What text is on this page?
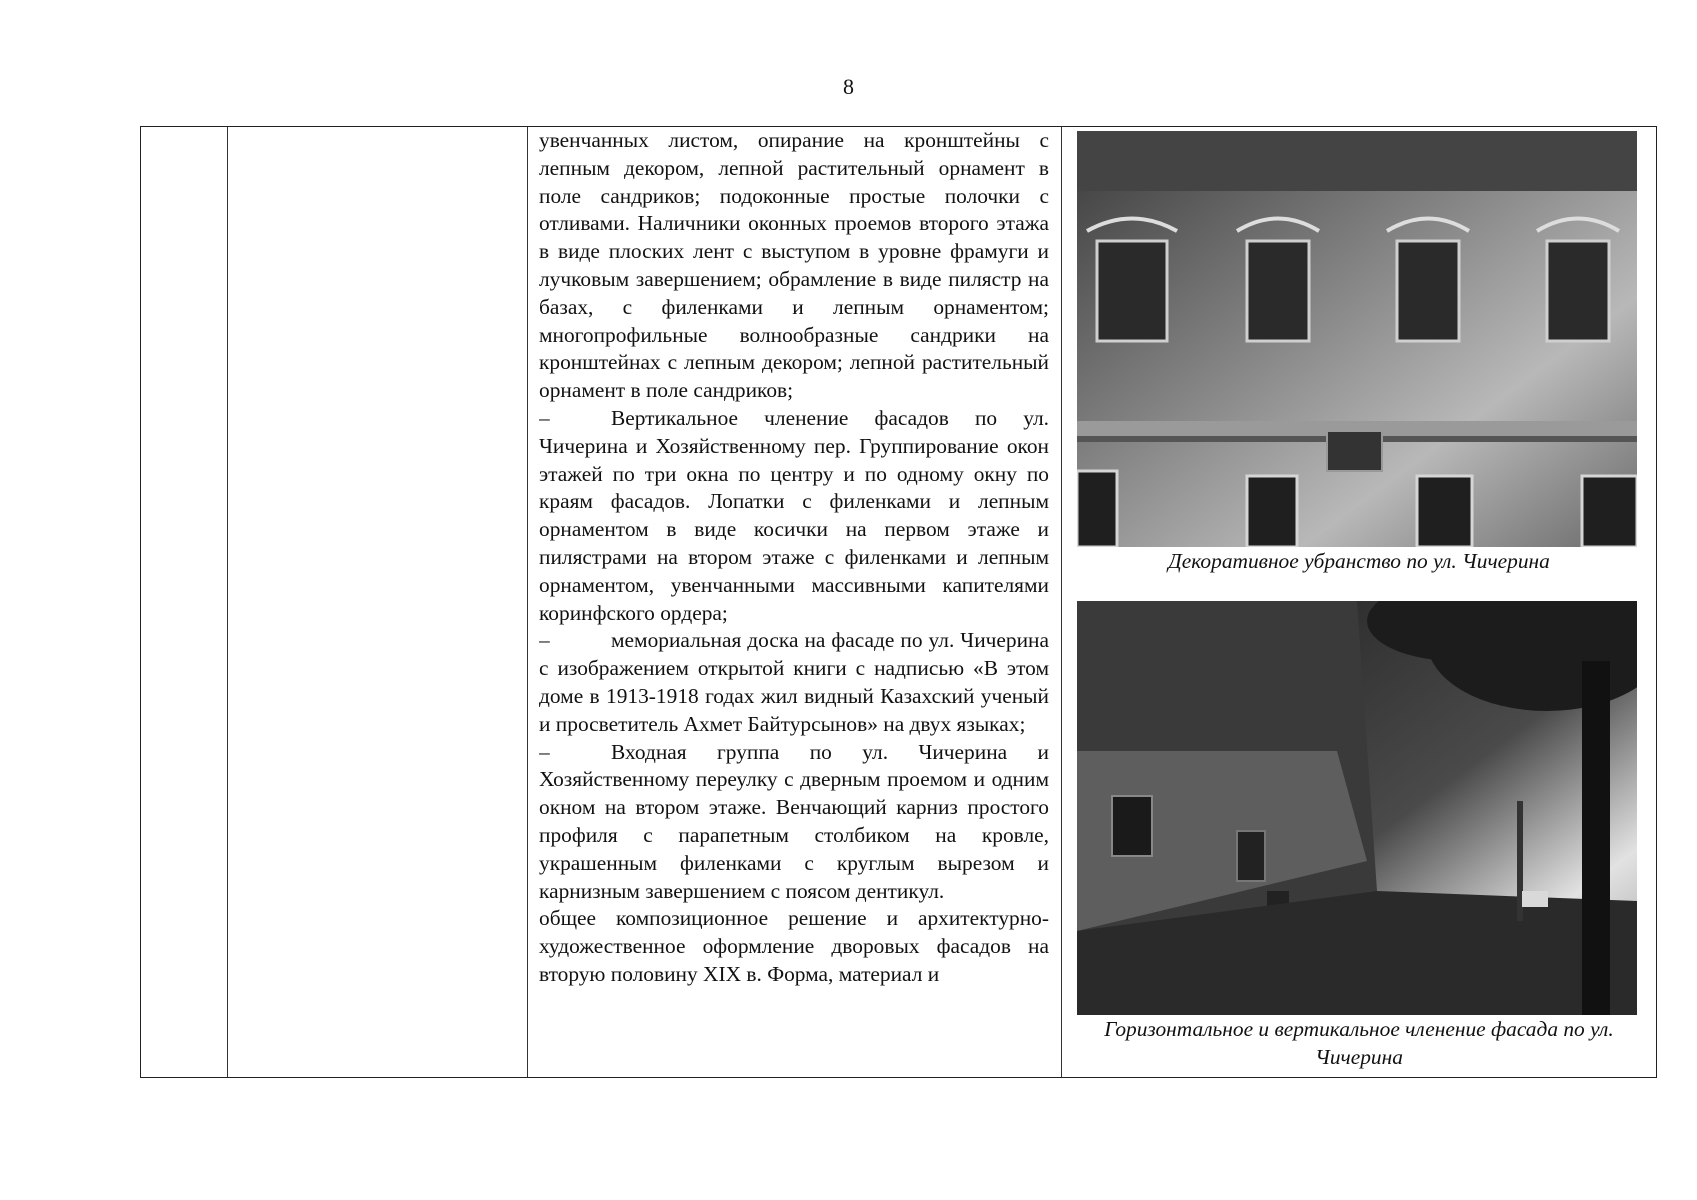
8

увенчанных листом, опирание на кронштейны с лепным декором, лепной растительный орнамент в поле сандриков; подоконные простые полочки с отливами. Наличники оконных проемов второго этажа в виде плоских лент с выступом в уровне фрамуги и лучковым завершением; обрамление в виде пилястр на базах, с филенками и лепным орнаментом; многопрофильные волнообразные сандрики на кронштейнах с лепным декором; лепной растительный орнамент в поле сандриков;

–	Вертикальное членение фасадов по ул. Чичерина и Хозяйственному пер. Группирование окон этажей по три окна по центру и по одному окну по краям фасадов. Лопатки с филенками и лепным орнаментом в виде косички на первом этаже и пилястрами на втором этаже с филенками и лепным орнаментом, увенчанными массивными капителями коринфского ордера;

–	мемориальная доска на фасаде по ул. Чичерина с изображением открытой книги с надписью «В этом доме в 1913-1918 годах жил видный Казахский ученый и просветитель Ахмет Байтурсынов» на двух языках;

–	Входная группа по ул. Чичерина и Хозяйственному переулку с дверным проемом и одним окном на втором этаже. Венчающий карниз простого профиля с парапетным столбиком на кровле, украшенным филенками с круглым вырезом и карнизным завершением с поясом дентикул.

общее композиционное решение и архитектурно-художественное оформление дворовых фасадов на вторую половину XIX в. Форма, материал и

Декоративное убранство по ул. Чичерина
Горизонтальное и вертикальное членение фасада по ул. Чичерина
